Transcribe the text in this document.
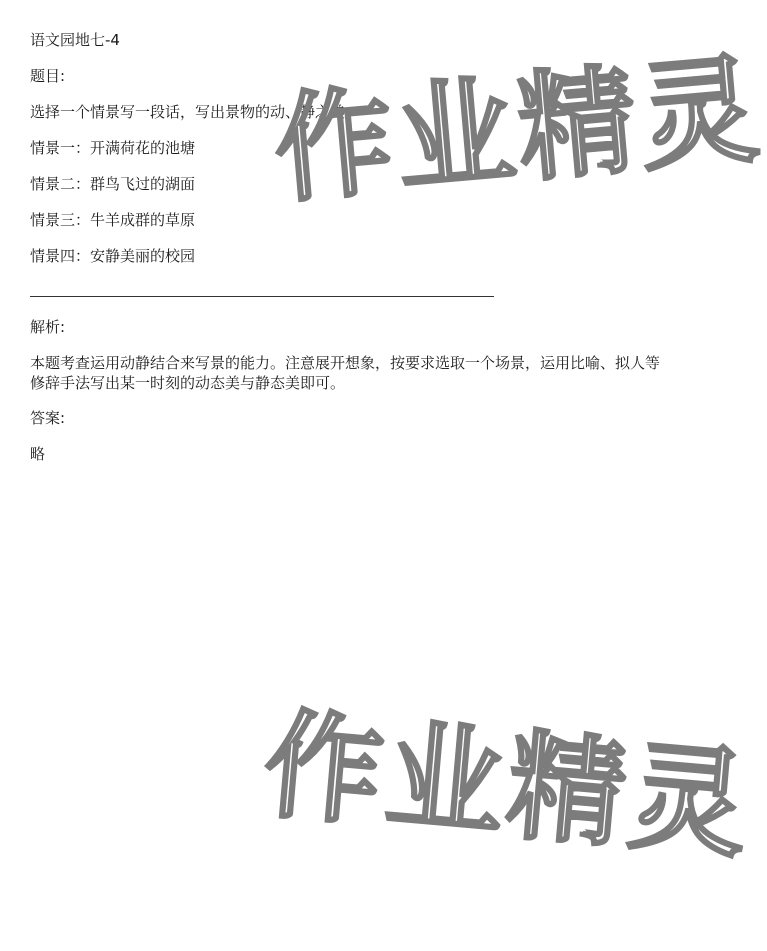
语文园地七-4
题目:
选择一个情景写一段话，写出景物的动、静之美。
情景一：开满荷花的池塘
情景二：群鸟飞过的湖面
情景三：牛羊成群的草原
情景四：安静美丽的校园
解析:
本题考查运用动静结合来写景的能力。注意展开想象，按要求选取一个场景，运用比喻、拟人等修辞手法写出某一时刻的动态美与静态美即可。
答案:
略
作业精灵
作业精灵
